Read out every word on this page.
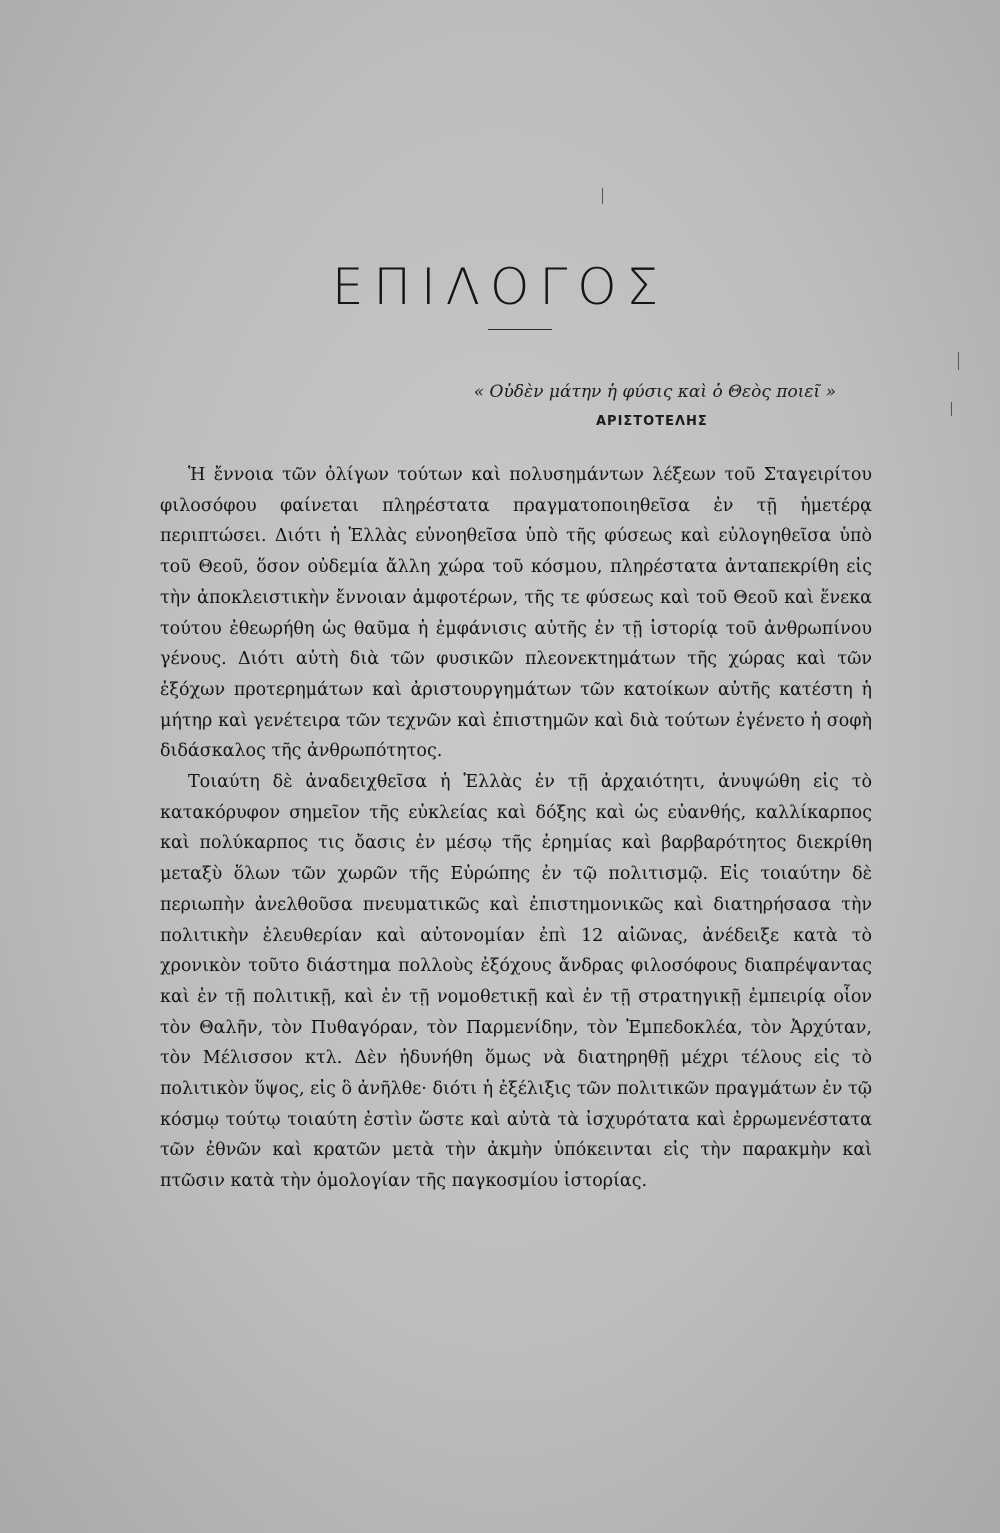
ΕΠΙΛΟΓΟΣ
« Οὐδὲν μάτην ἡ φύσις καὶ ὁ Θεὸς ποιεῖ »
ΑΡΙΣΤΟΤΕΛΗΣ

Ἡ ἔννοια τῶν ὀλίγων τούτων καὶ πολυσημάντων λέξεων τοῦ Σταγειρίτου φιλοσόφου φαίνεται πληρέστατα πραγματοποιηθεῖσα ἐν τῇ ἡμετέρᾳ περιπτώσει. Διότι ἡ Ἑλλὰς εὐνοηθεῖσα ὑπὸ τῆς φύσεως καὶ εὐλογηθεῖσα ὑπὸ τοῦ Θεοῦ, ὅσον οὐδεμία ἄλλη χώρα τοῦ κόσμου, πληρέστατα ἀνταπεκρίθη εἰς τὴν ἀποκλειστικὴν ἔννοιαν ἀμφοτέρων, τῆς τε φύσεως καὶ τοῦ Θεοῦ καὶ ἕνεκα τούτου ἐθεωρήθη ὡς θαῦμα ἡ ἐμφάνισις αὐτῆς ἐν τῇ ἱστορίᾳ τοῦ ἀνθρωπίνου γένους. Διότι αὐτὴ διὰ τῶν φυσικῶν πλεονεκτημάτων τῆς χώρας καὶ τῶν ἐξόχων προτερημάτων καὶ ἀριστουργημάτων τῶν κατοίκων αὐτῆς κατέστη ἡ μήτηρ καὶ γενέτειρα τῶν τεχνῶν καὶ ἐπιστημῶν καὶ διὰ τούτων ἐγένετο ἡ σοφὴ διδάσκαλος τῆς ἀνθρωπότητος.

Τοιαύτη δὲ ἀναδειχθεῖσα ἡ Ἑλλὰς ἐν τῇ ἀρχαιότητι, ἀνυψώθη εἰς τὸ κατακόρυφον σημεῖον τῆς εὐκλείας καὶ δόξης καὶ ὡς εὐανθής, καλλίκαρπος καὶ πολύκαρπος τις ὄασις ἐν μέσῳ τῆς ἐρημίας καὶ βαρβαρότητος διεκρίθη μεταξὺ ὅλων τῶν χωρῶν τῆς Εὐρώπης ἐν τῷ πολιτισμῷ. Εἰς τοιαύτην δὲ περιωπὴν ἀνελθοῦσα πνευματικῶς καὶ ἐπιστημονικῶς καὶ διατηρήσασα τὴν πολιτικὴν ἐλευθερίαν καὶ αὐτονομίαν ἐπὶ 12 αἰῶνας, ἀνέδειξε κατὰ τὸ χρονικὸν τοῦτο διάστημα πολλοὺς ἐξόχους ἄνδρας φιλοσόφους διαπρέψαντας καὶ ἐν τῇ πολιτικῇ, καὶ ἐν τῇ νομοθετικῇ καὶ ἐν τῇ στρατηγικῇ ἐμπειρίᾳ οἷον τὸν Θαλῆν, τὸν Πυθαγόραν, τὸν Παρμενίδην, τὸν Ἐμπεδοκλέα, τὸν Ἀρχύταν, τὸν Μέλισσον κτλ. Δὲν ἠδυνήθη ὅμως νὰ διατηρηθῇ μέχρι τέλους εἰς τὸ πολιτικὸν ὕψος, εἰς ὃ ἀνῆλθε· διότι ἡ ἐξέλιξις τῶν πολιτικῶν πραγμάτων ἐν τῷ κόσμῳ τούτῳ τοιαύτη ἐστὶν ὥστε καὶ αὐτὰ τὰ ἰσχυρότατα καὶ ἐρρωμενέστατα τῶν ἐθνῶν καὶ κρατῶν μετὰ τὴν ἀκμὴν ὑπόκεινται εἰς τὴν παρακμὴν καὶ πτῶσιν κατὰ τὴν ὁμολογίαν τῆς παγκοσμίου ἱστορίας.
